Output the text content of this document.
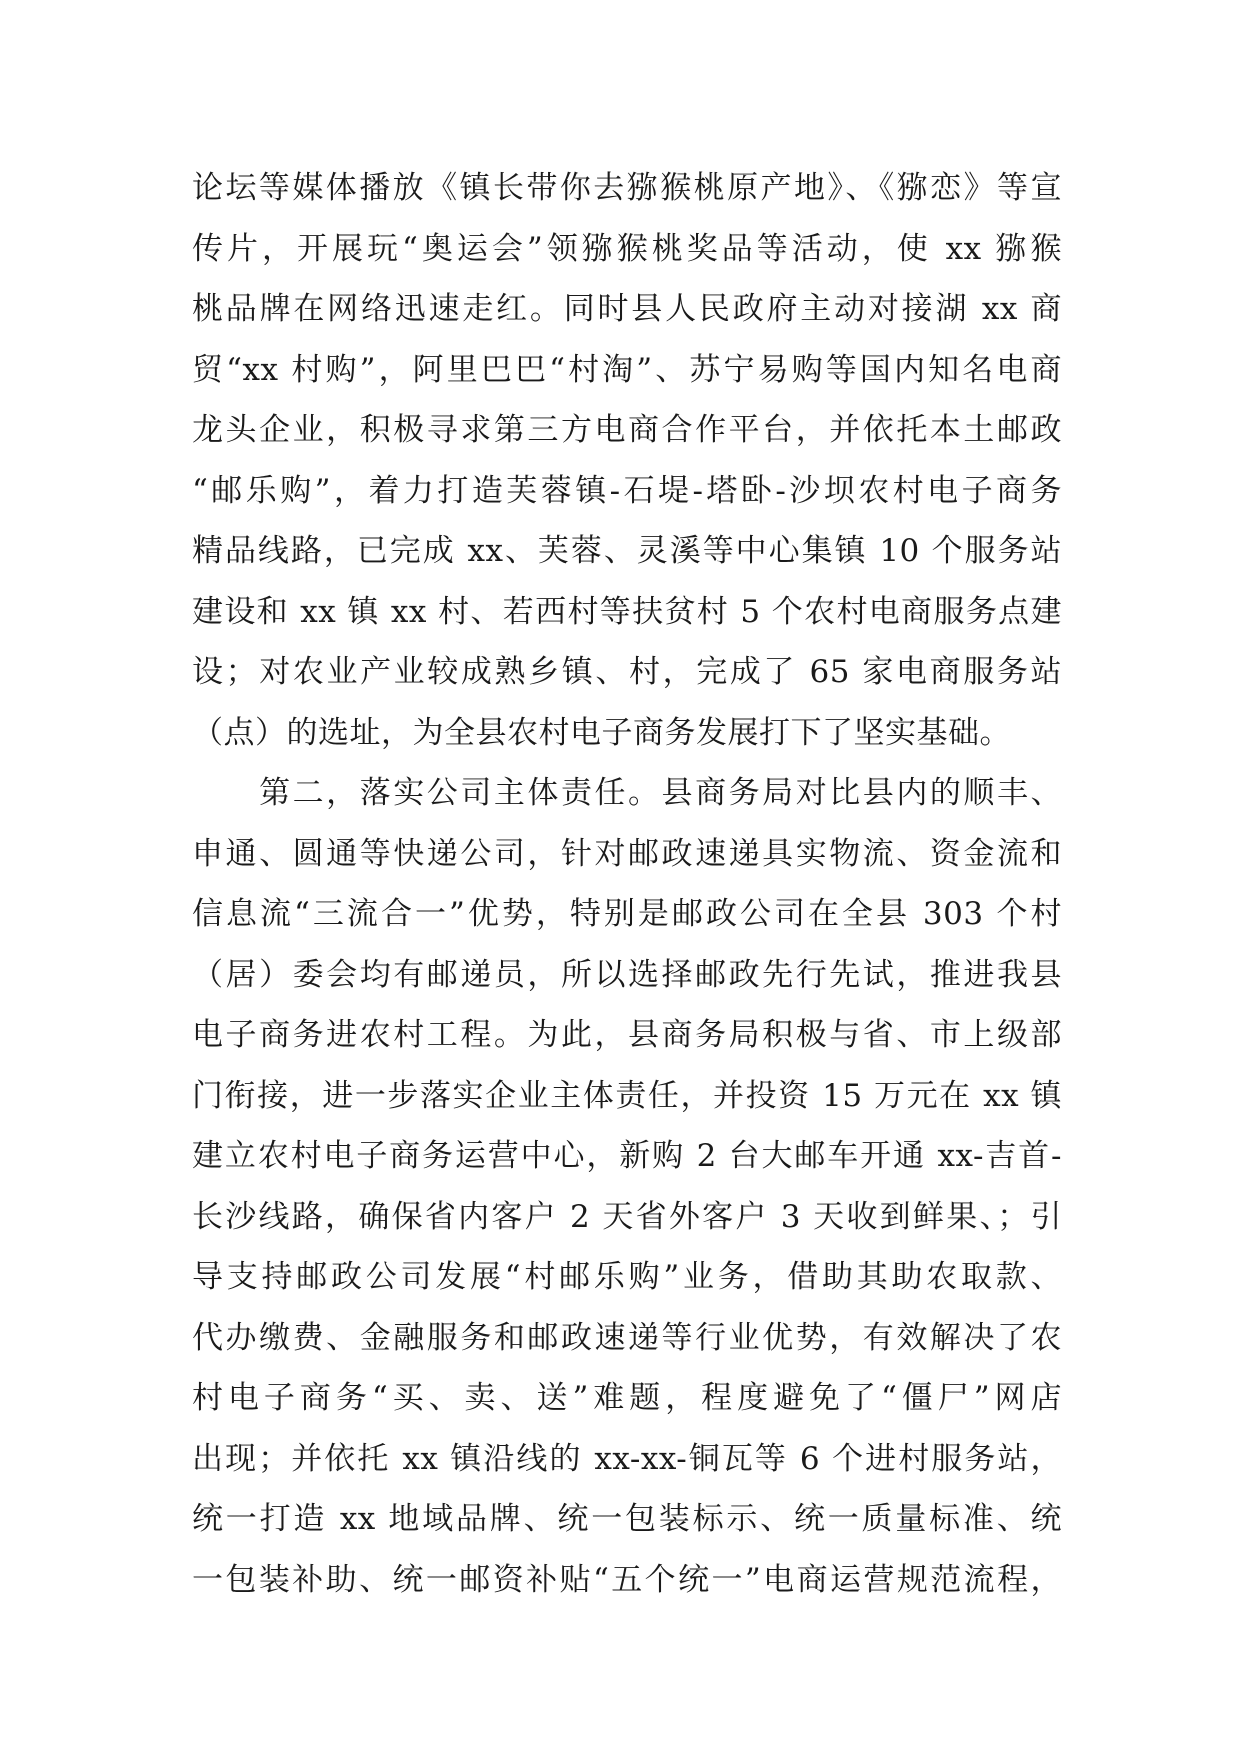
论坛等媒体播放《镇长带你去猕猴桃原产地》、《猕恋》等宣
传片，开展玩“奥运会”领猕猴桃奖品等活动，使 xx 猕猴
桃品牌在网络迅速走红。同时县人民政府主动对接湖 xx 商
贸“xx 村购”，阿里巴巴“村淘”、苏宁易购等国内知名电商
龙头企业，积极寻求第三方电商合作平台，并依托本土邮政
“邮乐购”，着力打造芙蓉镇-石堤-塔卧-沙坝农村电子商务
精品线路，已完成 xx、芙蓉、灵溪等中心集镇 10 个服务站
建设和 xx 镇 xx 村、若西村等扶贫村 5 个农村电商服务点建
设；对农业产业较成熟乡镇、村，完成了 65 家电商服务站
（点）的选址，为全县农村电子商务发展打下了坚实基础。
　　第二，落实公司主体责任。县商务局对比县内的顺丰、
申通、圆通等快递公司，针对邮政速递具实物流、资金流和
信息流“三流合一”优势，特别是邮政公司在全县 303 个村
（居）委会均有邮递员，所以选择邮政先行先试，推进我县
电子商务进农村工程。为此，县商务局积极与省、市上级部
门衔接，进一步落实企业主体责任，并投资 15 万元在 xx 镇
建立农村电子商务运营中心，新购 2 台大邮车开通 xx-吉首-
长沙线路，确保省内客户 2 天省外客户 3 天收到鲜果、；引
导支持邮政公司发展“村邮乐购”业务，借助其助农取款、
代办缴费、金融服务和邮政速递等行业优势，有效解决了农
村电子商务“买、卖、送”难题，程度避免了“僵尸”网店
出现；并依托 xx 镇沿线的 xx-xx-铜瓦等 6 个进村服务站，
统一打造 xx 地域品牌、统一包装标示、统一质量标准、统
一包装补助、统一邮资补贴“五个统一”电商运营规范流程，
